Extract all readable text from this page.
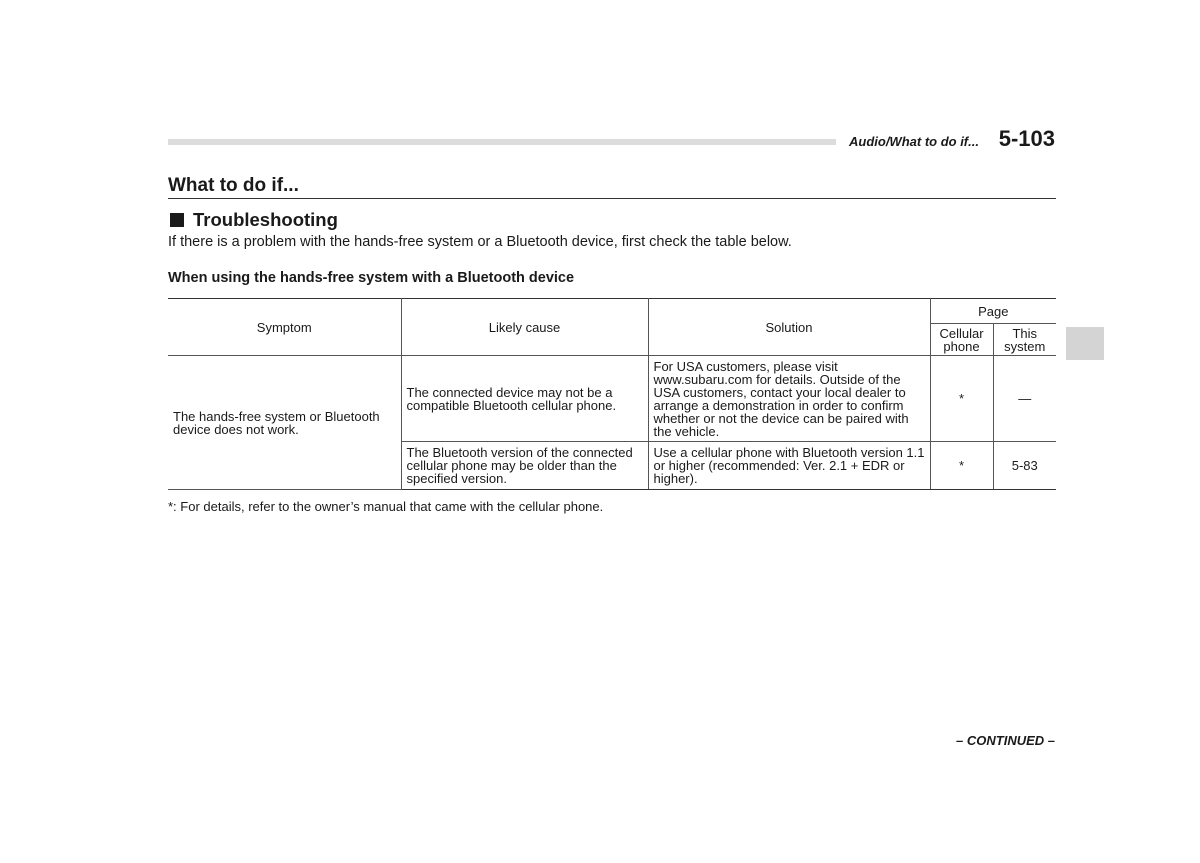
Audio/What to do if... 5-103
What to do if...
Troubleshooting
If there is a problem with the hands-free system or a Bluetooth device, first check the table below.
When using the hands-free system with a Bluetooth device
Symptom	Likely cause	Solution	Page	
			Cellular phone	This system
The hands-free system or Bluetooth device does not work.	The connected device may not be a compatible Bluetooth cellular phone.	For USA customers, please visit www.subaru.com for details. Outside of the USA customers, contact your local dealer to arrange a demonstration in order to confirm whether or not the device can be paired with the vehicle.	*	—
	The Bluetooth version of the connected cellular phone may be older than the specified version.	Use a cellular phone with Bluetooth version 1.1 or higher (recommended: Ver. 2.1 + EDR or higher).	*	5-83
*: For details, refer to the owner’s manual that came with the cellular phone.
– CONTINUED –
